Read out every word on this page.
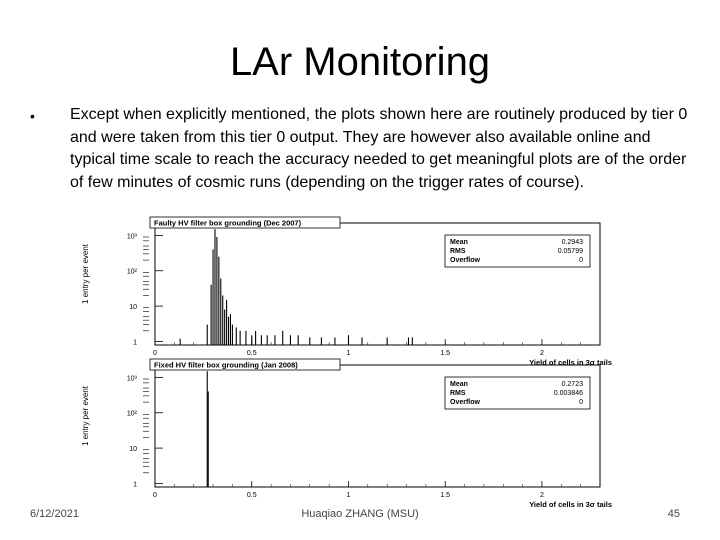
LAr Monitoring
• Except when explicitly mentioned, the plots shown here are routinely produced by tier 0 and were taken from this tier 0 output. They are however also available online and typical time scale to reach the accuracy needed to get meaningful plots are of the order of few minutes of cosmic runs (depending on the trigger rates of course).
1 entry per event
Faulty HV filter box grounding (Dec 2007)
1
10
10²
10³
0	0.5	1	1.5	2
Yield of cells in 3σ tails
Mean	0.2943
RMS	0.05799
Overflow	0
1 entry per event
Fixed HV filter box grounding (Jan 2008)
1
10
10²
10³
0	0.5	1	1.5	2
Yield of cells in 3σ tails
Mean	0.2723
RMS	0.003846
Overflow	0
6/12/2021	Huaqiao ZHANG (MSU)	45
